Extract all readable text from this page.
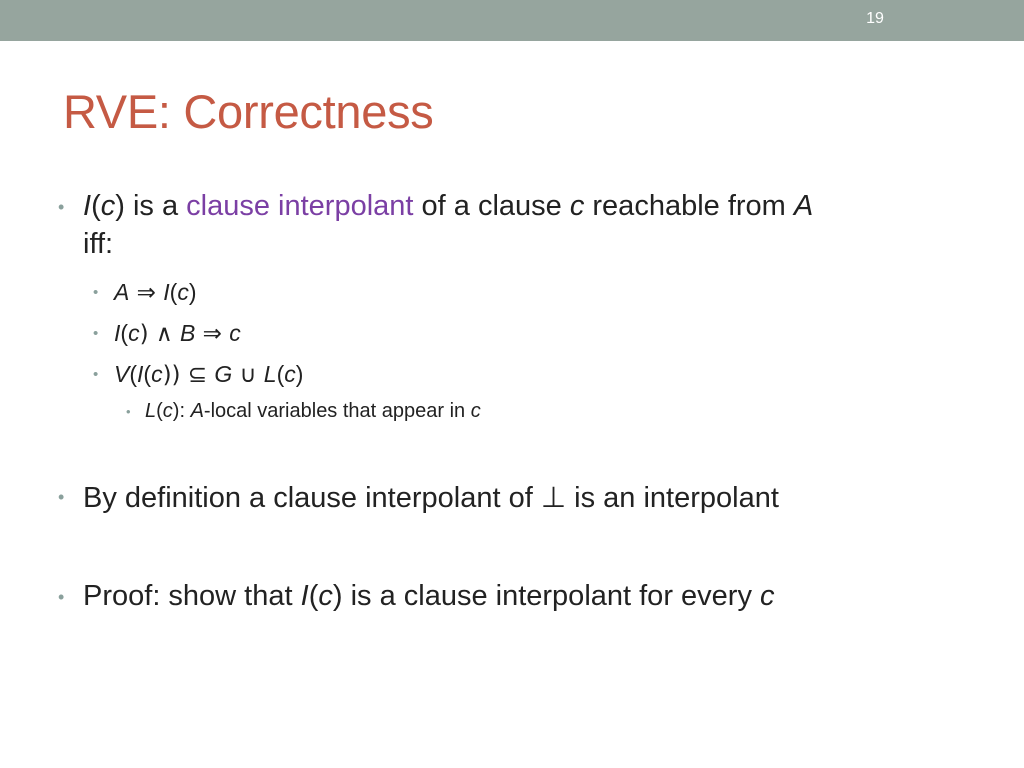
19
RVE: Correctness
• I(c) is a clause interpolant of a clause c reachable from A
iff:
• A ⇒ I(c)
• I(c) ∧ B ⇒ c
• V(I(c)) ⊆ G ∪ L(c)
• L(c): A-local variables that appear in c
• By definition a clause interpolant of ⊥ is an interpolant
• Proof: show that I(c) is a clause interpolant for every c
